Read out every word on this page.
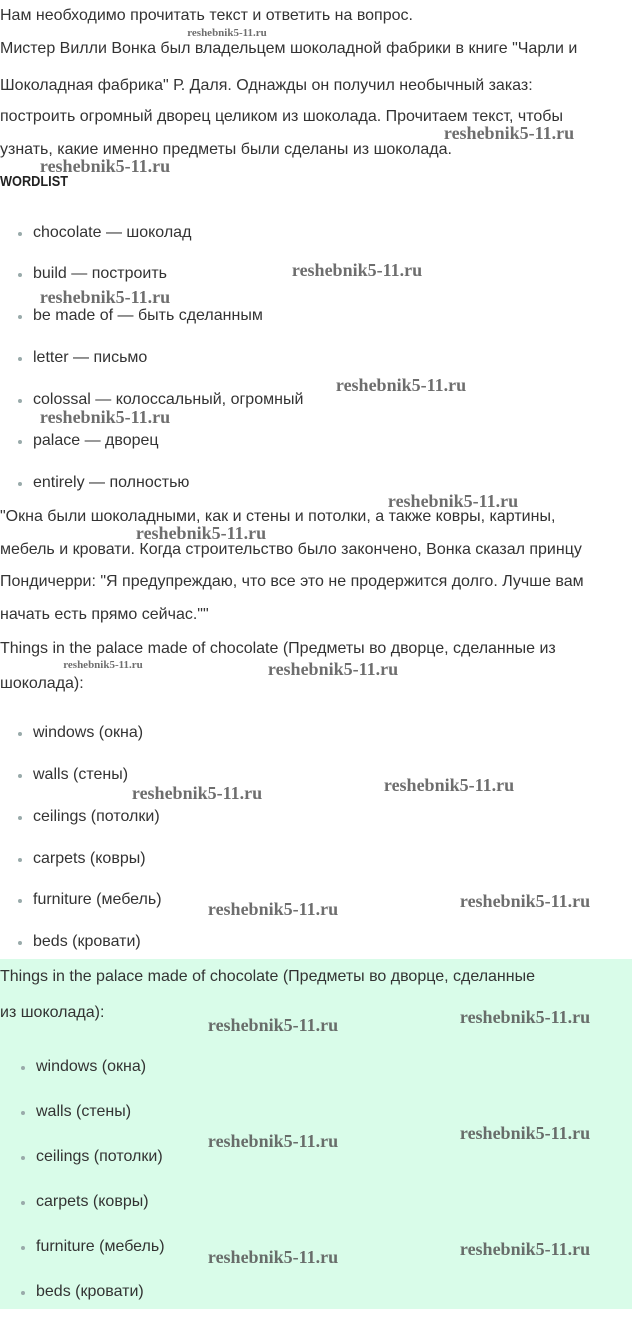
Нам необходимо прочитать текст и ответить на вопрос.
Мистер Вилли Вонка был владельцем шоколадной фабрики в книге "Чарли и
Шоколадная фабрика" Р. Даля. Однажды он получил необычный заказ:
построить огромный дворец целиком из шоколада. Прочитаем текст, чтобы
узнать, какие именно предметы были сделаны из шоколада.
WORDLIST
chocolate — шоколад
build — построить
be made of — быть сделанным
letter — письмо
colossal — колоссальный, огромный
palace — дворец
entirely — полностью
"Окна были шоколадными, как и стены и потолки, а также ковры, картины,
мебель и кровати. Когда строительство было закончено, Вонка сказал принцу
Пондичерри: "Я предупреждаю, что все это не продержится долго. Лучше вам
начать есть прямо сейчас.""
Things in the palace made of chocolate (Предметы во дворце, сделанные из
шоколада):
windows (окна)
walls (стены)
ceilings (потолки)
carpets (ковры)
furniture (мебель)
beds (кровати)
Things in the palace made of chocolate (Предметы во дворце, сделанные
из шоколада):
windows (окна)
walls (стены)
ceilings (потолки)
carpets (ковры)
furniture (мебель)
beds (кровати)
reshebnik5-11.ru
reshebnik5-11.ru
reshebnik5-11.ru
reshebnik5-11.ru
reshebnik5-11.ru
reshebnik5-11.ru
reshebnik5-11.ru
reshebnik5-11.ru
reshebnik5-11.ru
reshebnik5-11.ru	reshebnik5-11.ru
reshebnik5-11.ru	reshebnik5-11.ru
reshebnik5-11.ru	reshebnik5-11.ru
reshebnik5-11.ru	reshebnik5-11.ru
reshebnik5-11.ru	reshebnik5-11.ru
reshebnik5-11.ru	reshebnik5-11.ru
